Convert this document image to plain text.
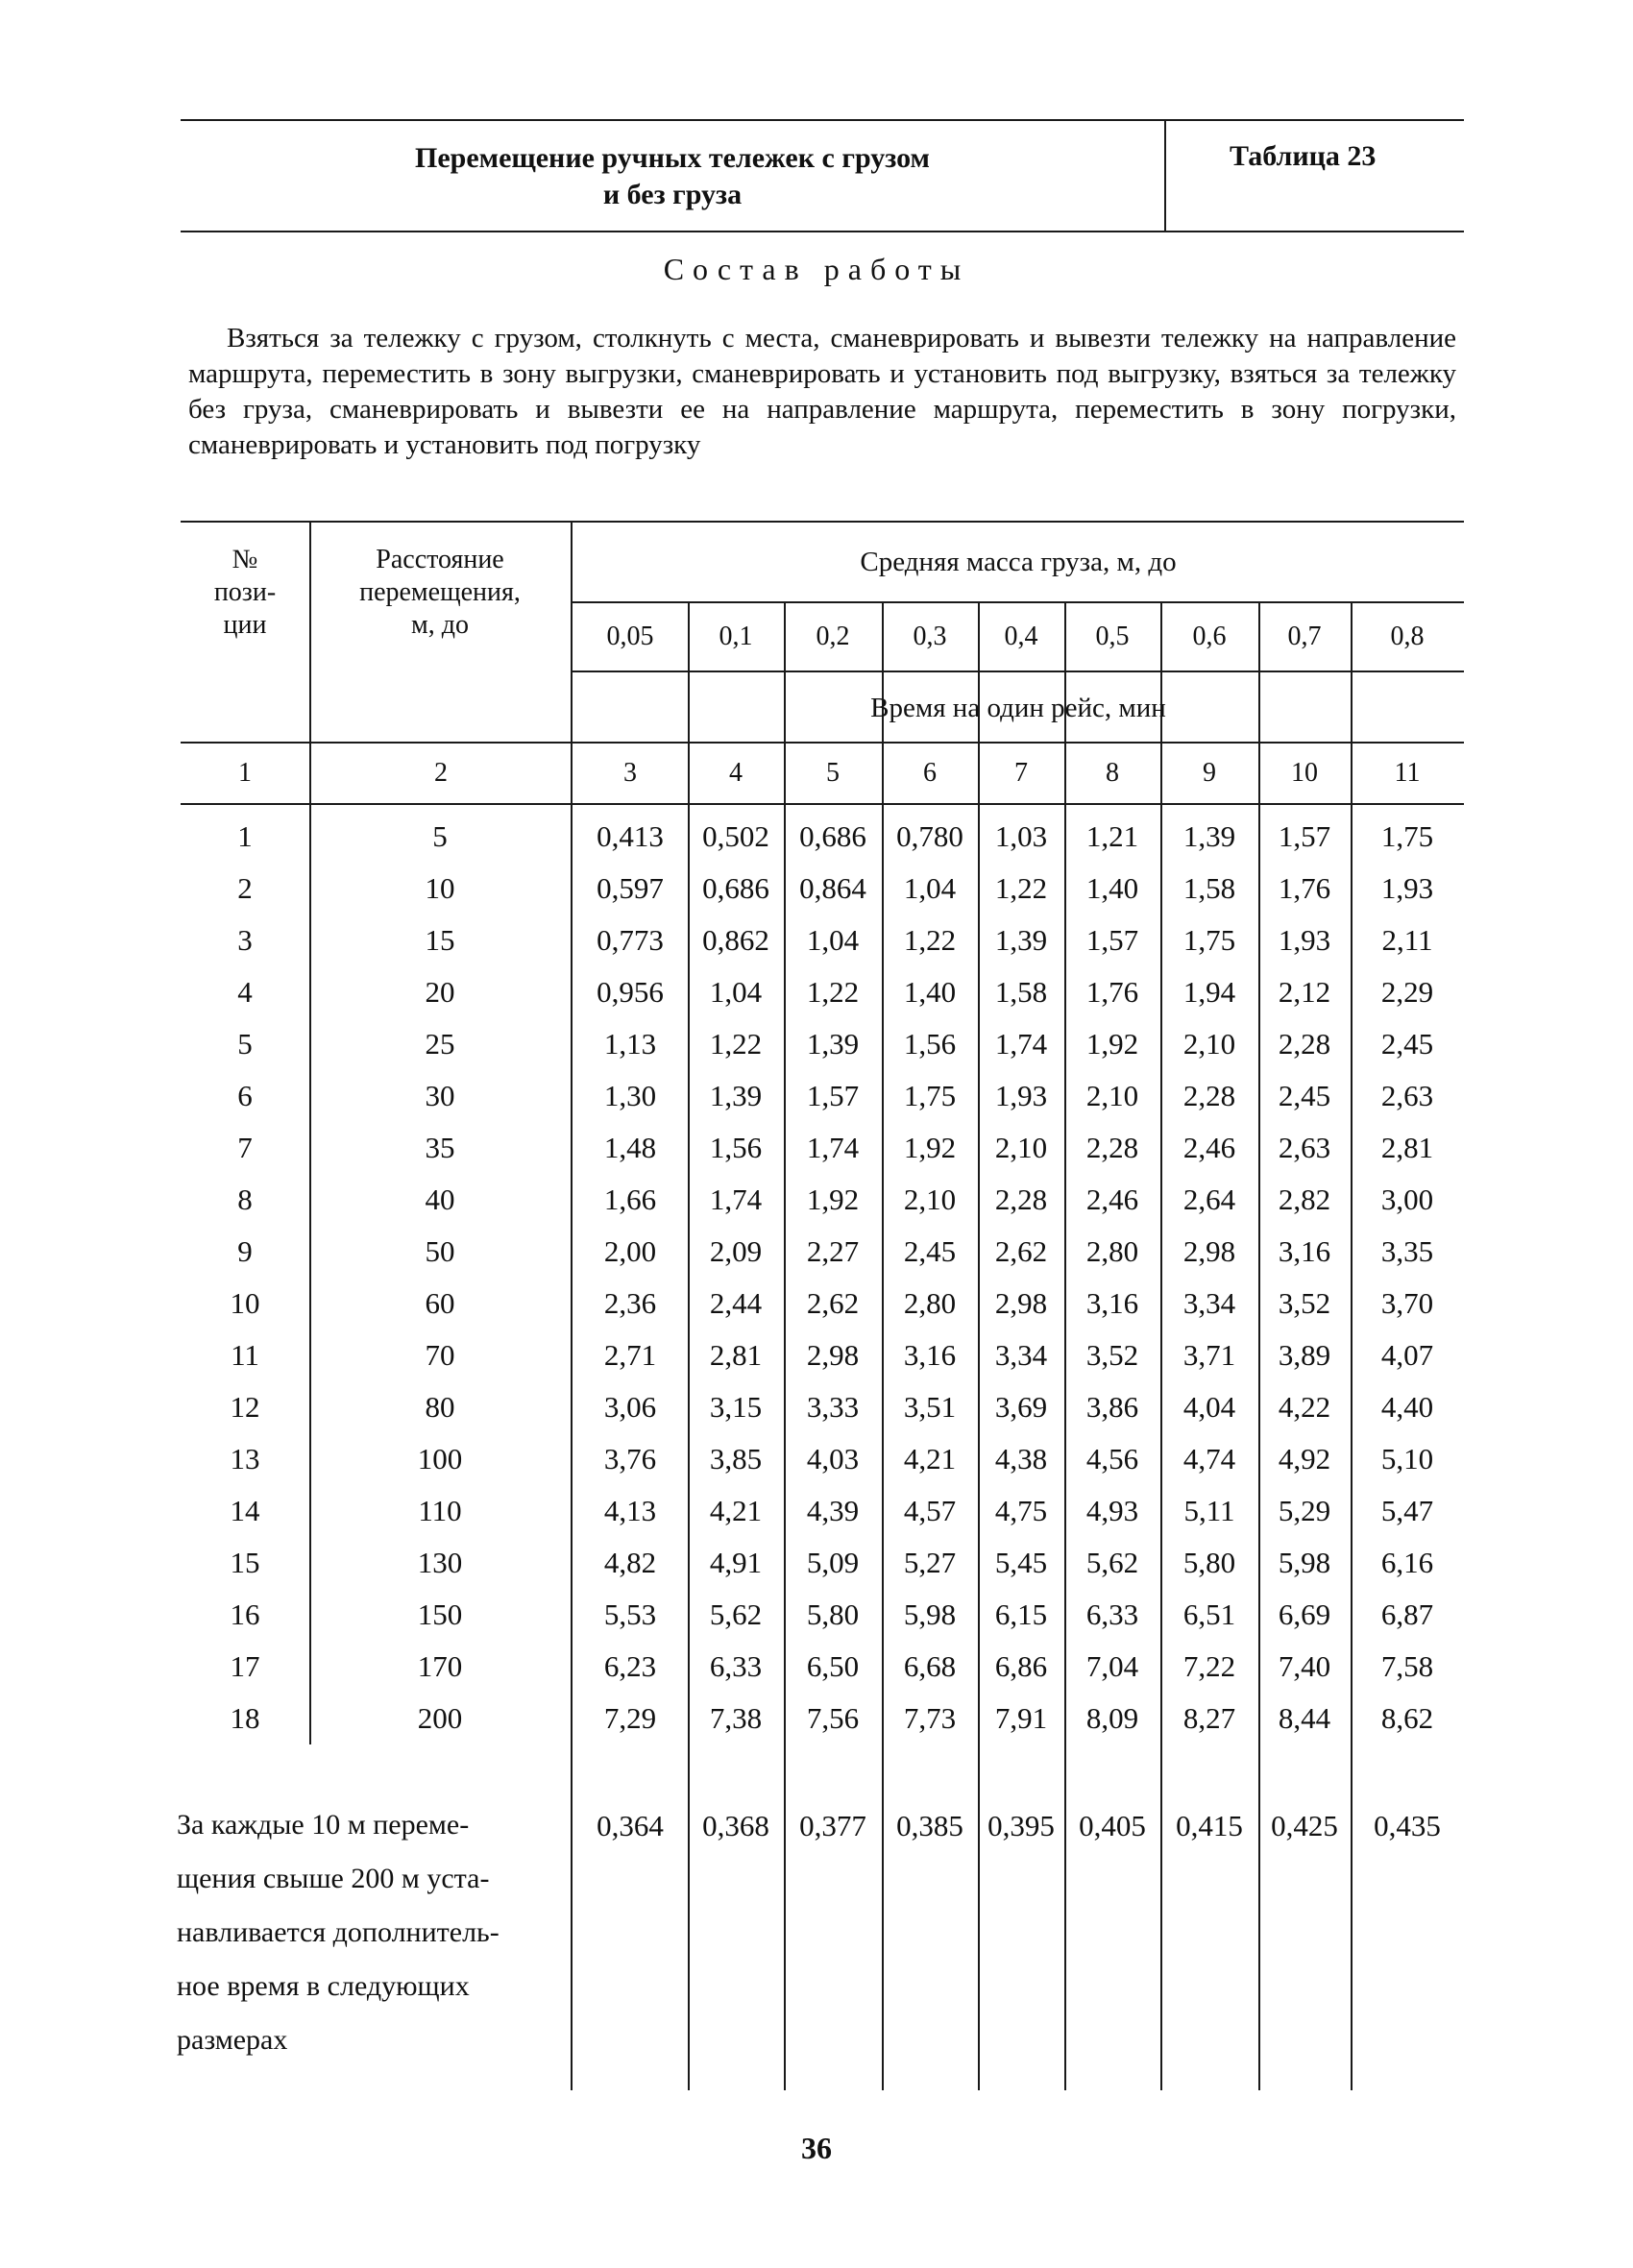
Перемещение ручных тележек с грузом
и без груза
Таблица 23
Состав работы
Взяться за тележку с грузом, столкнуть с места, сманеврировать и вывезти тележку на направление маршрута, переместить в зону выгрузки, сманеврировать и установить под выгрузку, взяться за тележку без груза, сманеврировать и вывезти ее на направление маршрута, переместить в зону погрузки, сманеврировать и установить под погрузку
№
пози-
ции
Расстояние
перемещения,
м, до
Средняя масса груза, м, до
Время на один рейс, мин
0,05	0,1	0,2	0,3	0,4	0,5	0,6	0,7	0,8
1	2	3	4	5	6	7	8	9	10	11
1	5	0,413	0,502	0,686	0,780	1,03	1,21	1,39	1,57	1,75
2	10	0,597	0,686	0,864	1,04	1,22	1,40	1,58	1,76	1,93
3	15	0,773	0,862	1,04	1,22	1,39	1,57	1,75	1,93	2,11
4	20	0,956	1,04	1,22	1,40	1,58	1,76	1,94	2,12	2,29
5	25	1,13	1,22	1,39	1,56	1,74	1,92	2,10	2,28	2,45
6	30	1,30	1,39	1,57	1,75	1,93	2,10	2,28	2,45	2,63
7	35	1,48	1,56	1,74	1,92	2,10	2,28	2,46	2,63	2,81
8	40	1,66	1,74	1,92	2,10	2,28	2,46	2,64	2,82	3,00
9	50	2,00	2,09	2,27	2,45	2,62	2,80	2,98	3,16	3,35
10	60	2,36	2,44	2,62	2,80	2,98	3,16	3,34	3,52	3,70
11	70	2,71	2,81	2,98	3,16	3,34	3,52	3,71	3,89	4,07
12	80	3,06	3,15	3,33	3,51	3,69	3,86	4,04	4,22	4,40
13	100	3,76	3,85	4,03	4,21	4,38	4,56	4,74	4,92	5,10
14	110	4,13	4,21	4,39	4,57	4,75	4,93	5,11	5,29	5,47
15	130	4,82	4,91	5,09	5,27	5,45	5,62	5,80	5,98	6,16
16	150	5,53	5,62	5,80	5,98	6,15	6,33	6,51	6,69	6,87
17	170	6,23	6,33	6,50	6,68	6,86	7,04	7,22	7,40	7,58
18	200	7,29	7,38	7,56	7,73	7,91	8,09	8,27	8,44	8,62
За каждые 10 м переме-
щения свыше 200 м уста-
навливается дополнитель-
ное время в следующих
размерах
0,364	0,368	0,377	0,385 0,395 0,405	0,415 0,425	0,435
36
